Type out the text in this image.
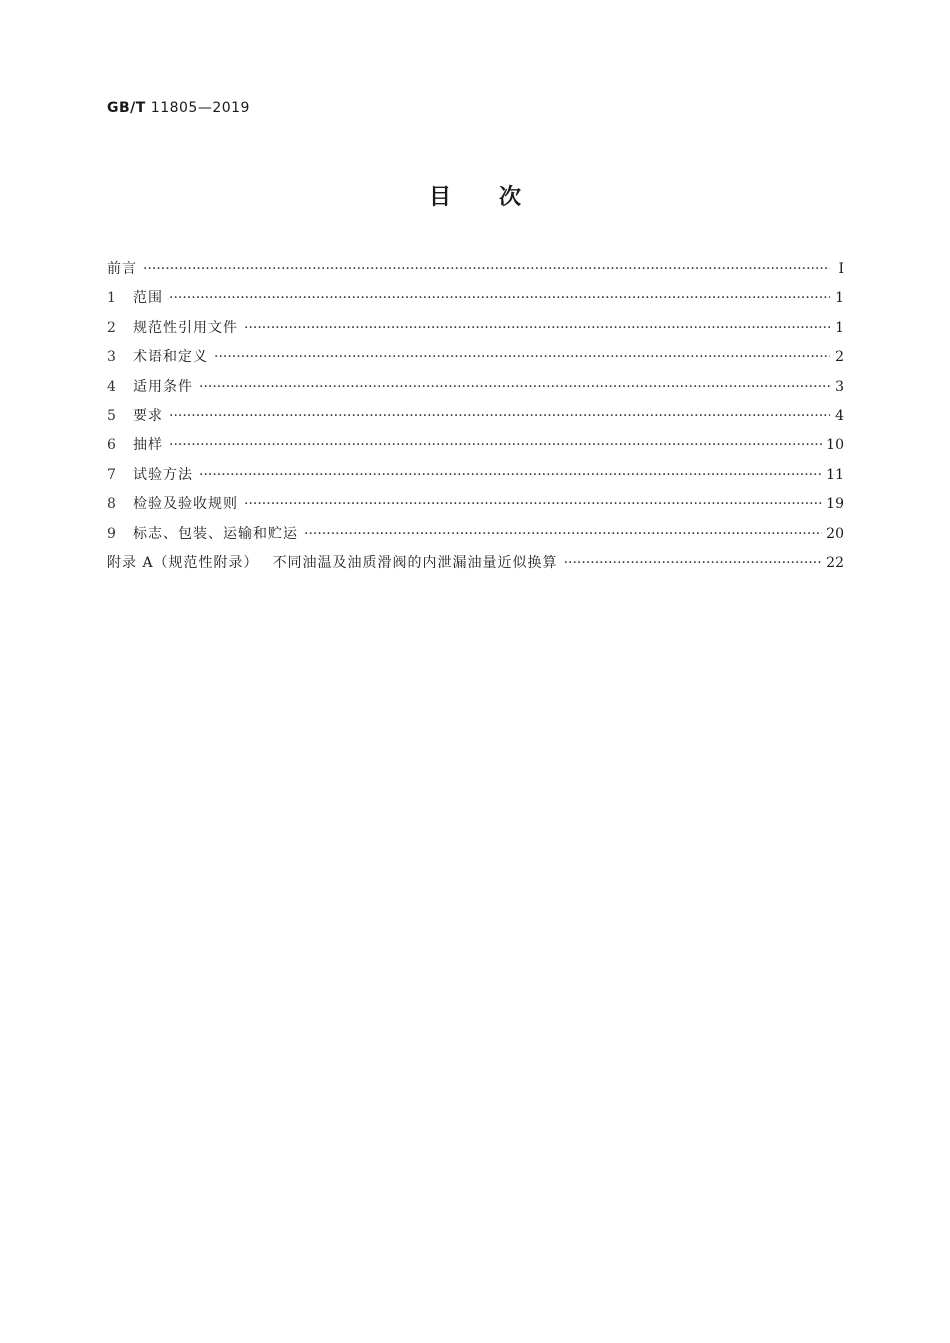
GB/T 11805—2019
目 次
前言 ·····	Ⅰ
1	范围 ·····	1
2	规范性引用文件 ·····	1
3	术语和定义 ·····	2
4	适用条件 ·····	3
5	要求 ·····	4
6	抽样 ·····	10
7	试验方法 ·····	11
8	检验及验收规则 ·····	19
9	标志、包装、运输和贮运 ·····	20
附录 A（规范性附录） 不同油温及油质滑阀的内泄漏油量近似换算 ·····	22
